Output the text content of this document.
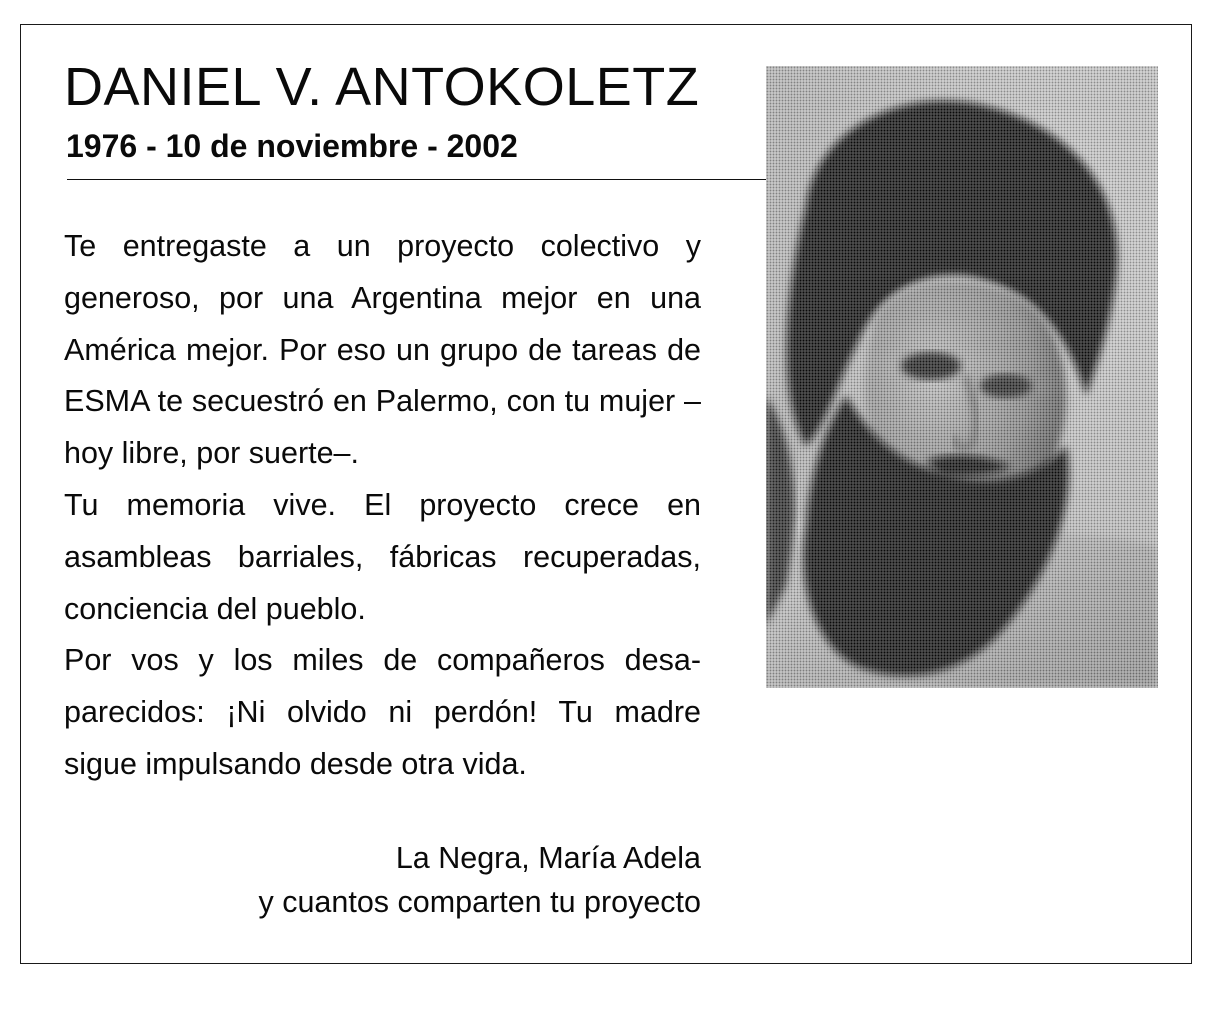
DANIEL V. ANTOKOLETZ
1976 - 10 de noviembre - 2002

Te entregaste a un proyecto colectivo y generoso, por una Argentina mejor en una América mejor. Por eso un grupo de tareas de ESMA te secuestró en Palermo, con tu mujer –hoy libre, por suerte–.

Tu memoria vive. El proyecto crece en asambleas barriales, fábricas recuperadas, conciencia del pueblo.

Por vos y los miles de compañeros desaparecidos: ¡Ni olvido ni perdón! Tu madre sigue impulsando desde otra vida.

La Negra, María Adela
y cuantos comparten tu proyecto
